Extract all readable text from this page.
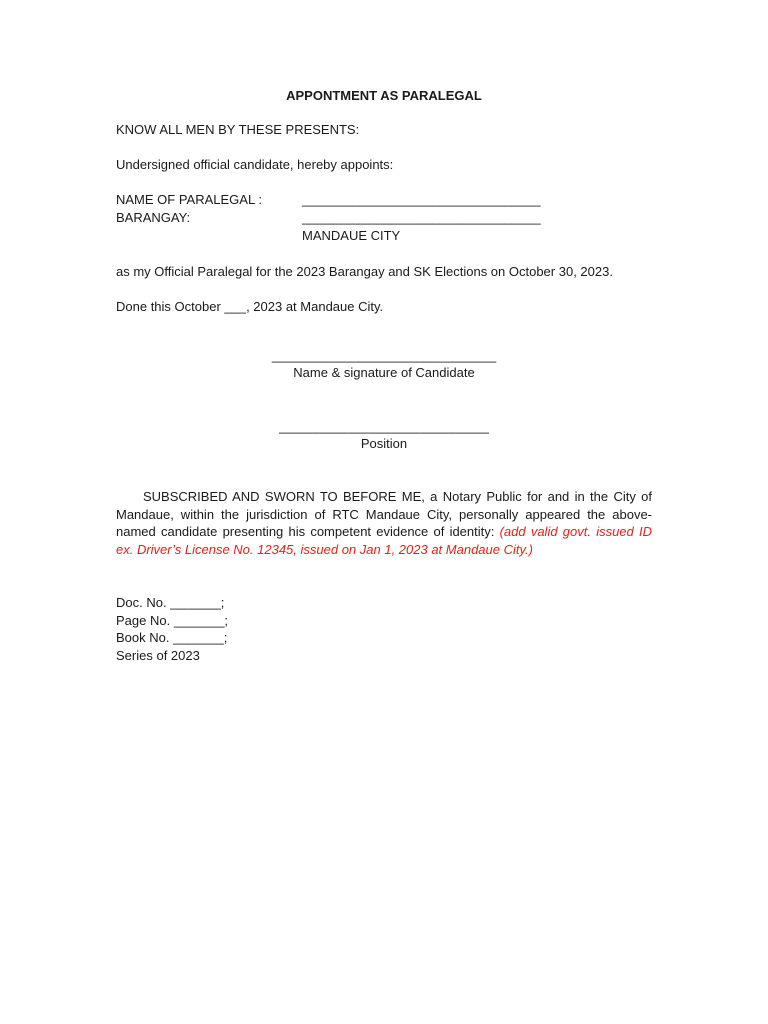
APPONTMENT AS PARALEGAL

KNOW ALL MEN BY THESE PRESENTS:

Undersigned official candidate, hereby appoints:

NAME OF PARALEGAL :	_________________________________
BARANGAY:	_________________________________
MANDAUE CITY

as my Official Paralegal for the 2023 Barangay and SK Elections on October 30, 2023.

Done this October ___, 2023 at Mandaue City.

_______________________________
Name & signature of Candidate
_____________________________
Position

SUBSCRIBED AND SWORN TO BEFORE ME, a Notary Public for and in the City of Mandaue, within the jurisdiction of RTC Mandaue City, personally appeared the above-named candidate presenting his competent evidence of identity: (add valid govt. issued ID ex. Driver’s License No. 12345, issued on Jan 1, 2023 at Mandaue City.)

Doc. No. _______;
Page No. _______;
Book No. _______;
Series of 2023
